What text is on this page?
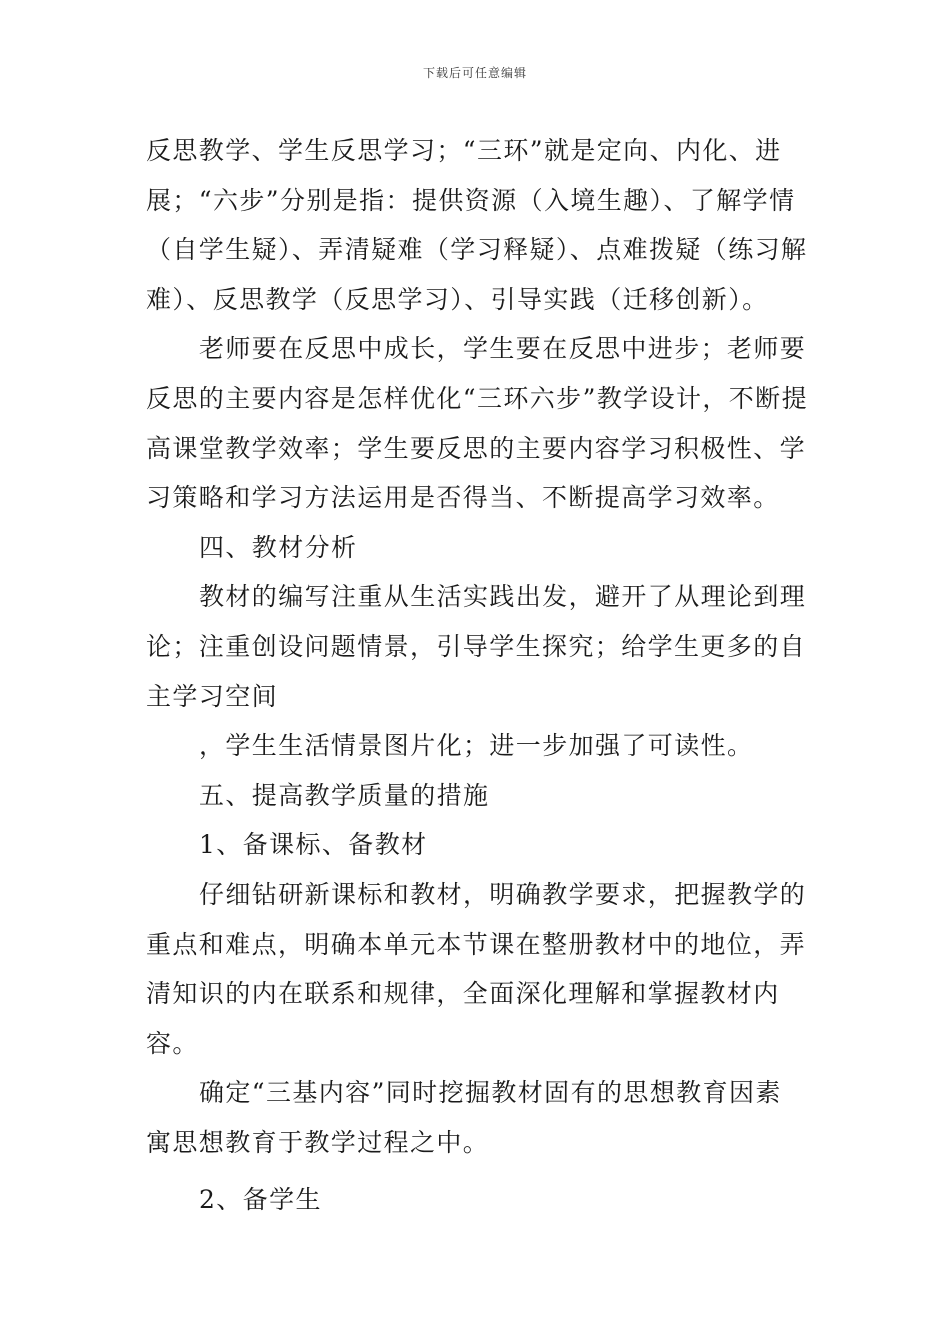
下载后可任意编辑

反思教学、学生反思学习；“三环”就是定向、内化、进展；“六步”分别是指：提供资源（入境生趣）、了解学情（自学生疑）、弄清疑难（学习释疑）、点难拨疑（练习解难）、反思教学（反思学习）、引导实践（迁移创新）。

老师要在反思中成长，学生要在反思中进步；老师要反思的主要内容是怎样优化“三环六步”教学设计，不断提高课堂教学效率；学生要反思的主要内容学习积极性、学习策略和学习方法运用是否得当、不断提高学习效率。

四、教材分析

教材的编写注重从生活实践出发，避开了从理论到理论；注重创设问题情景，引导学生探究；给学生更多的自主学习空间

，学生生活情景图片化；进一步加强了可读性。

五、提高教学质量的措施

1、备课标、备教材

仔细钻研新课标和教材，明确教学要求，把握教学的重点和难点，明确本单元本节课在整册教材中的地位，弄清知识的内在联系和规律，全面深化理解和掌握教材内容。

确定“三基内容”同时挖掘教材固有的思想教育因素寓思想教育于教学过程之中。

2、备学生
